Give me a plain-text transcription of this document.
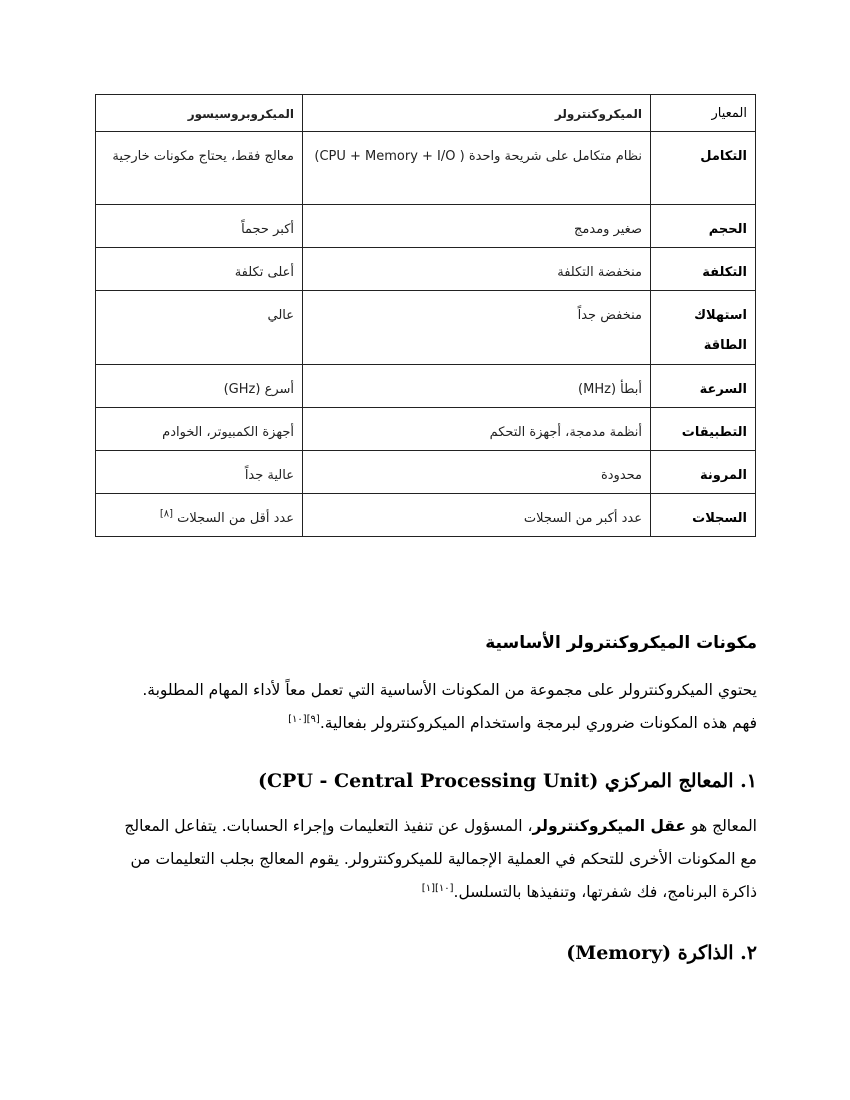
المعيار	الميكروكنترولر	الميكروبروسيسور
التكامل	نظام متكامل على شريحة واحدة ( CPU + Memory + I/O)	معالج فقط، يحتاج مكونات خارجية
الحجم	صغير ومدمج	أكبر حجماً
التكلفة	منخفضة التكلفة	أعلى تكلفة
استهلاك الطاقة	منخفض جداً	عالي
السرعة	أبطأ (MHz)	أسرع (GHz)
التطبيقات	أنظمة مدمجة، أجهزة التحكم	أجهزة الكمبيوتر، الخوادم
المرونة	محدودة	عالية جداً
السجلات	عدد أكبر من السجلات	عدد أقل من السجلات [٨]
مكونات الميكروكنترولر الأساسية
يحتوي الميكروكنترولر على مجموعة من المكونات الأساسية التي تعمل معاً لأداء المهام المطلوبة. فهم هذه المكونات ضروري لبرمجة واستخدام الميكروكنترولر بفعالية.[٩][١٠]
١. المعالج المركزي (CPU - Central Processing Unit)
المعالج هو عقل الميكروكنترولر، المسؤول عن تنفيذ التعليمات وإجراء الحسابات. يتفاعل المعالج مع المكونات الأخرى للتحكم في العملية الإجمالية للميكروكنترولر. يقوم المعالج بجلب التعليمات من ذاكرة البرنامج، فك شفرتها، وتنفيذها بالتسلسل.[١٠][١]
٢. الذاكرة (Memory)
